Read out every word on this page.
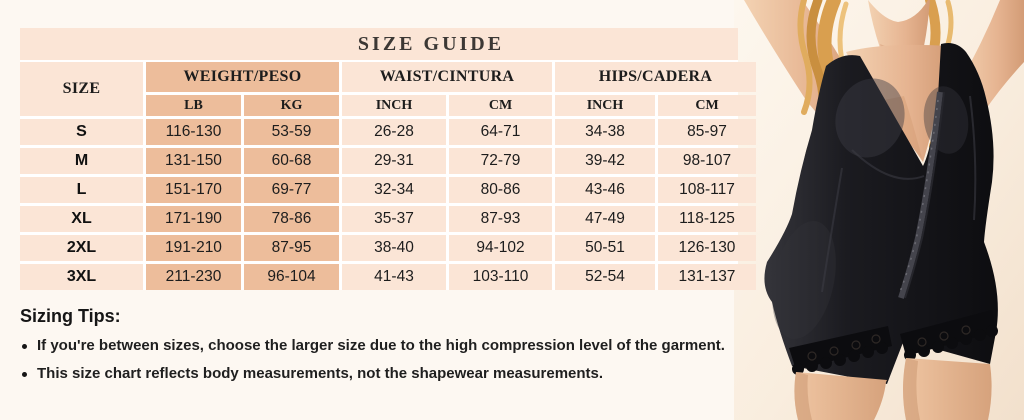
SIZE GUIDE
SIZE
WEIGHT/PESO	WAIST/CINTURA	HIPS/CADERA
LB	KG	INCH	CM	INCH	CM
S	116-130	53-59	26-28	64-71	34-38	85-97
M	131-150	60-68	29-31	72-79	39-42	98-107
L	151-170	69-77	32-34	80-86	43-46	108-117
XL	171-190	78-86	35-37	87-93	47-49	118-125
2XL	191-210	87-95	38-40	94-102	50-51	126-130
3XL	211-230	96-104	41-43	103-110	52-54	131-137
Sizing Tips:
If you're between sizes, choose the larger size due to the high compression level of the garment.
This size chart reflects body measurements, not the shapewear measurements.
